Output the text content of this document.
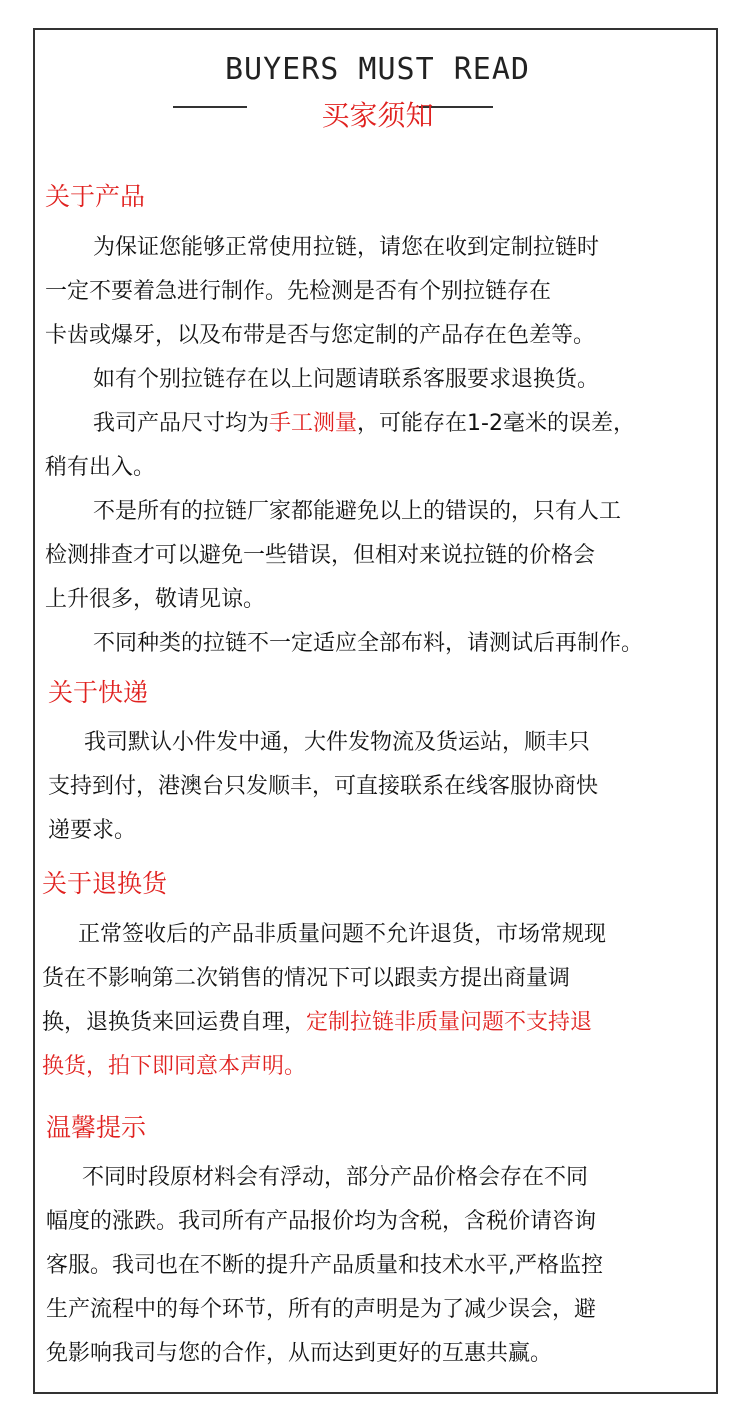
BUYERS MUST READ
买家须知
关于产品
为保证您能够正常使用拉链，请您在收到定制拉链时
一定不要着急进行制作。先检测是否有个别拉链存在
卡齿或爆牙，以及布带是否与您定制的产品存在色差等。
如有个别拉链存在以上问题请联系客服要求退换货。
我司产品尺寸均为手工测量，可能存在1-2毫米的误差，
稍有出入。
不是所有的拉链厂家都能避免以上的错误的，只有人工
检测排查才可以避免一些错误，但相对来说拉链的价格会
上升很多，敬请见谅。
不同种类的拉链不一定适应全部布料，请测试后再制作。
关于快递
我司默认小件发中通，大件发物流及货运站，顺丰只
支持到付，港澳台只发顺丰，可直接联系在线客服协商快
递要求。
关于退换货
正常签收后的产品非质量问题不允许退货，市场常规现
货在不影响第二次销售的情况下可以跟卖方提出商量调
换，退换货来回运费自理，定制拉链非质量问题不支持退
换货，拍下即同意本声明。
温馨提示
不同时段原材料会有浮动，部分产品价格会存在不同
幅度的涨跌。我司所有产品报价均为含税，含税价请咨询
客服。我司也在不断的提升产品质量和技术水平,严格监控
生产流程中的每个环节，所有的声明是为了减少误会，避
免影响我司与您的合作，从而达到更好的互惠共赢。
